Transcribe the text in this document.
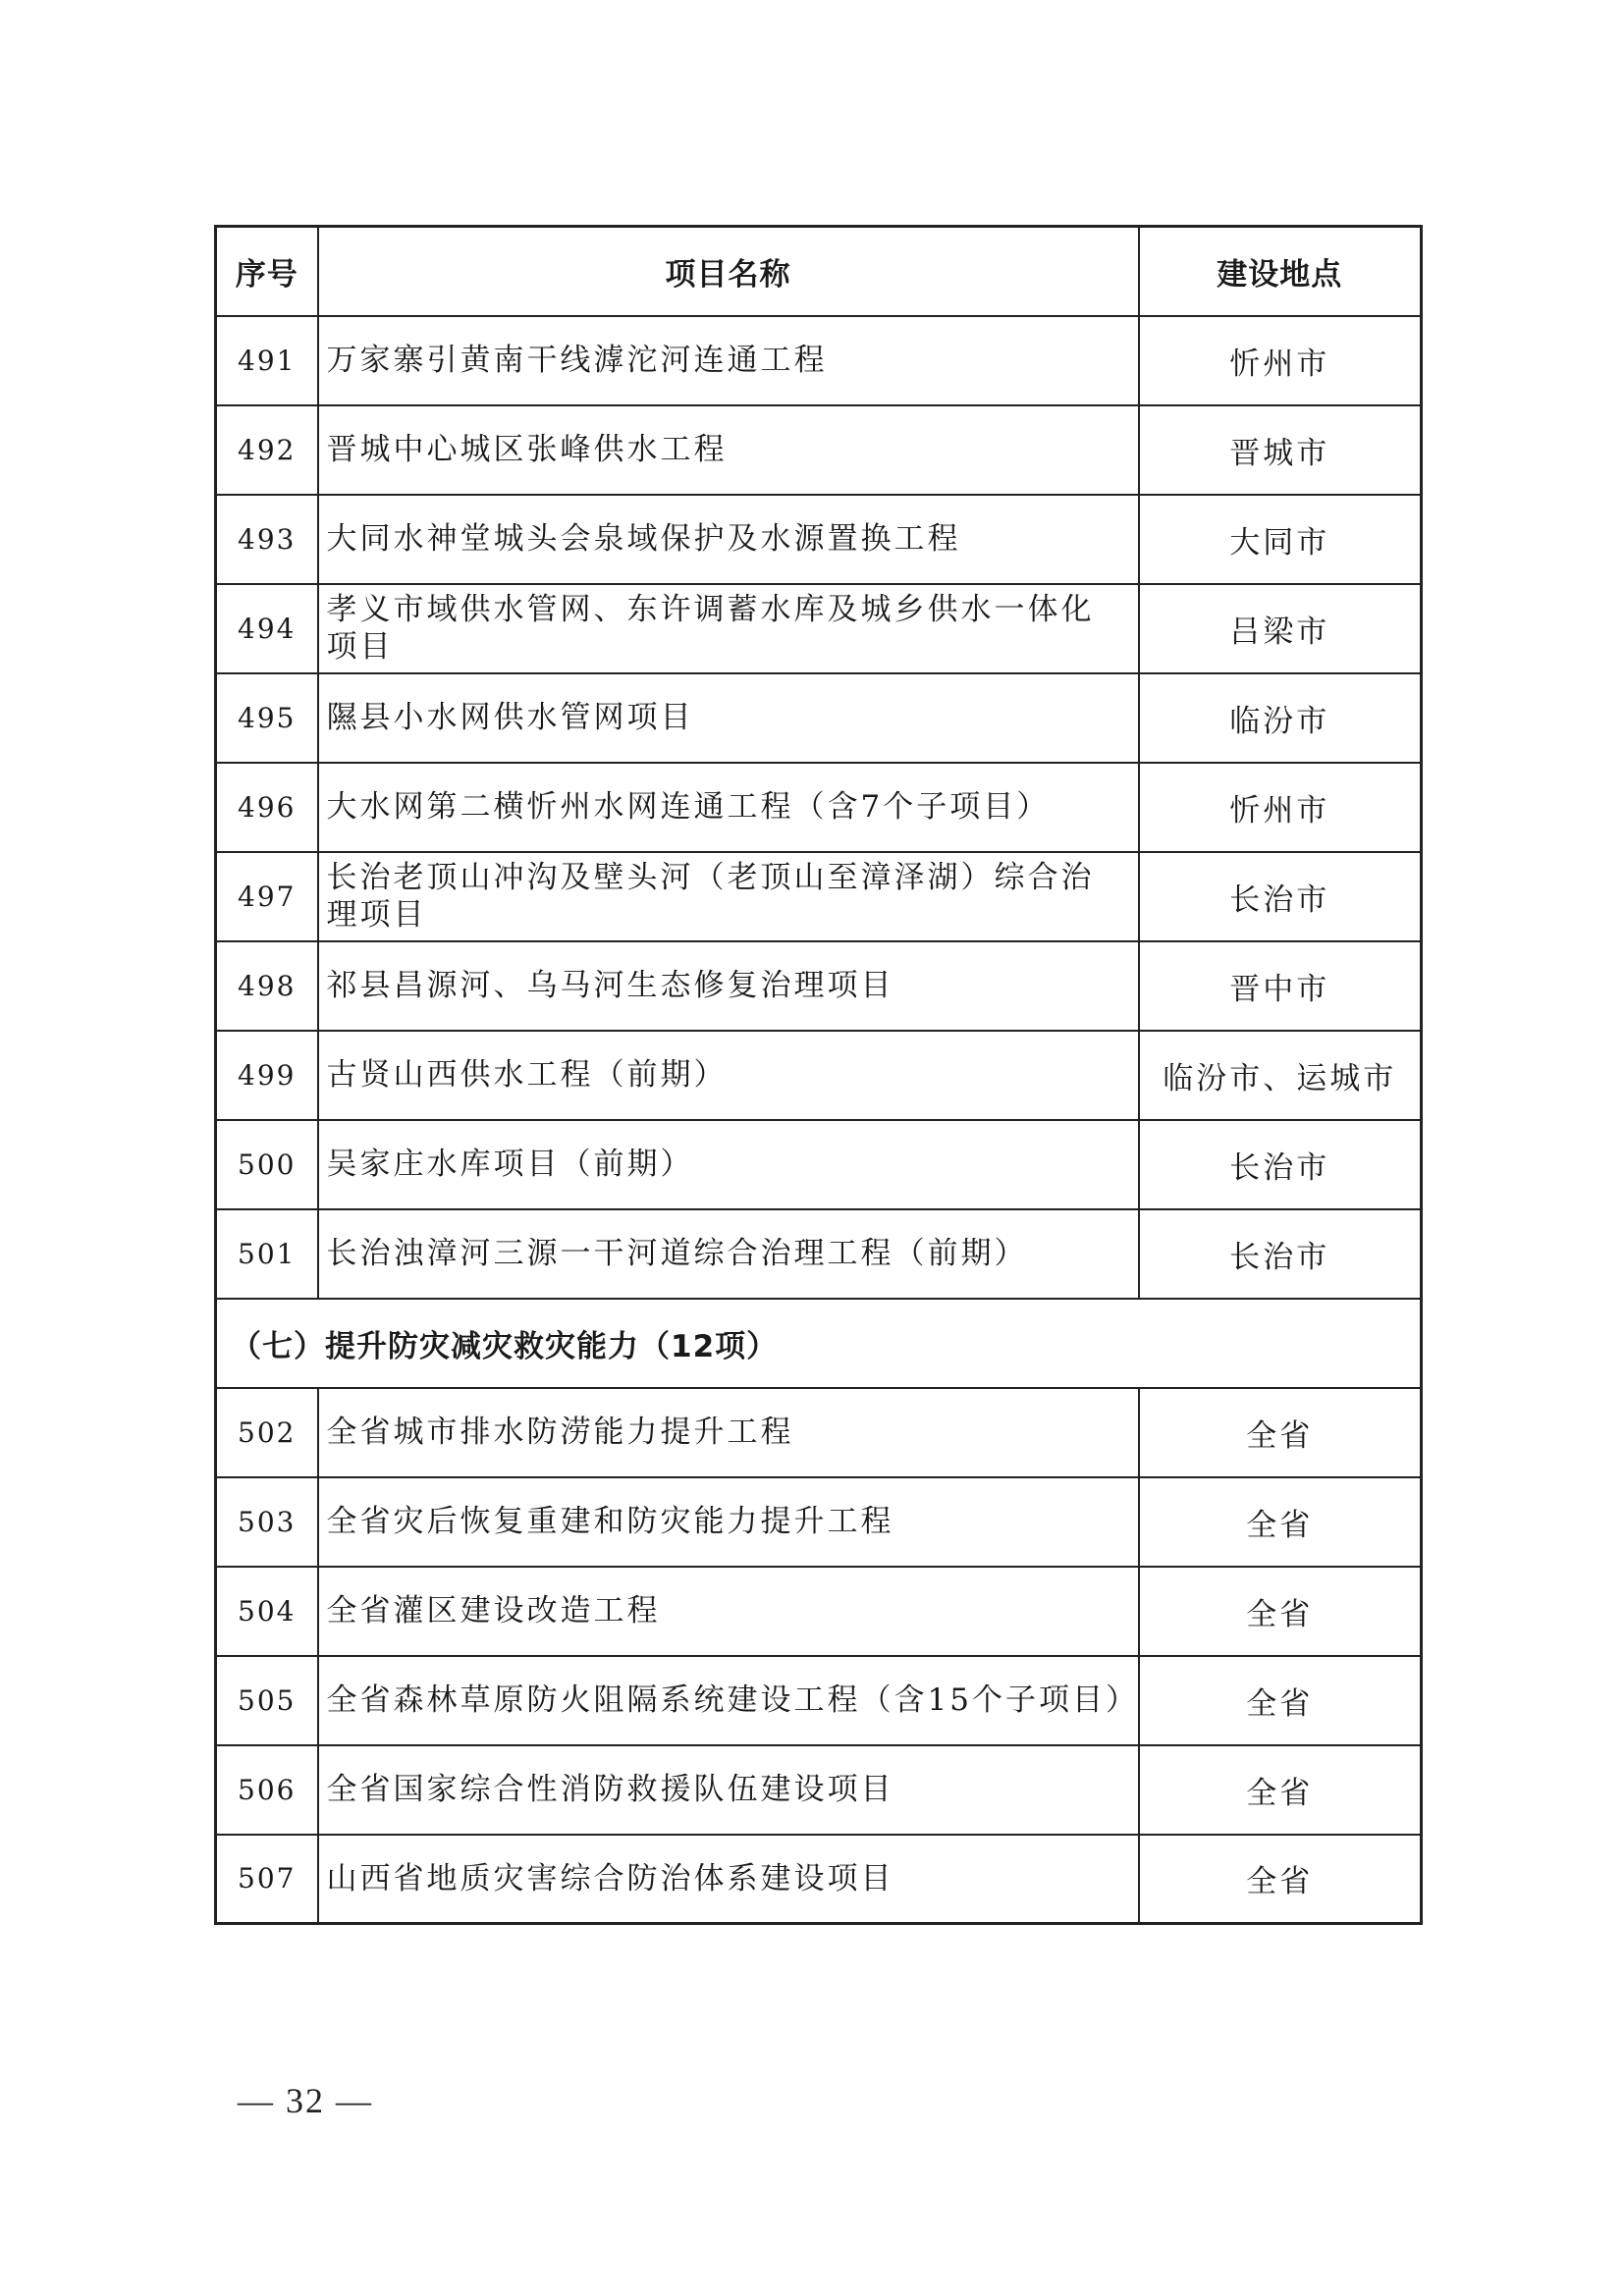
序号	项目名称	建设地点
491	万家寨引黄南干线滹沱河连通工程	忻州市
492	晋城中心城区张峰供水工程	晋城市
493	大同水神堂城头会泉域保护及水源置换工程	大同市
494	孝义市域供水管网、东许调蓄水库及城乡供水一体化项目	吕梁市
495	隰县小水网供水管网项目	临汾市
496	大水网第二横忻州水网连通工程（含7个子项目）	忻州市
497	长治老顶山冲沟及壁头河（老顶山至漳泽湖）综合治理项目	长治市
498	祁县昌源河、乌马河生态修复治理项目	晋中市
499	古贤山西供水工程（前期）	临汾市、运城市
500	吴家庄水库项目（前期）	长治市
501	长治浊漳河三源一干河道综合治理工程（前期）	长治市
（七）提升防灾减灾救灾能力（12项）		
502	全省城市排水防涝能力提升工程	全省
503	全省灾后恢复重建和防灾能力提升工程	全省
504	全省灌区建设改造工程	全省
505	全省森林草原防火阻隔系统建设工程（含15个子项目）	全省
506	全省国家综合性消防救援队伍建设项目	全省
507	山西省地质灾害综合防治体系建设项目	全省
— 32 —
